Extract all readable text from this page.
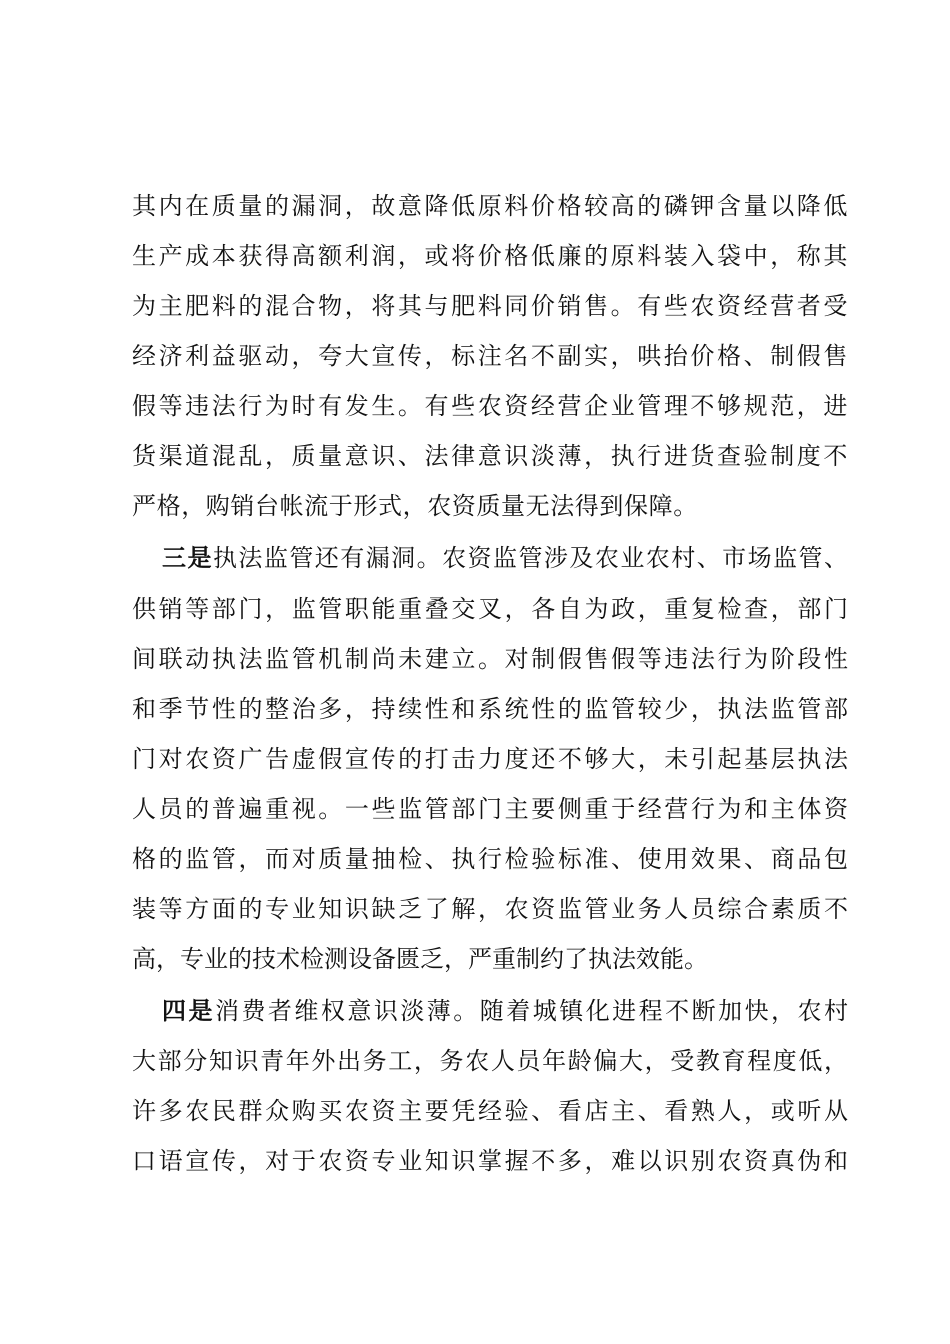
其内在质量的漏洞，故意降低原料价格较高的磷钾含量以降低
生产成本获得高额利润，或将价格低廉的原料装入袋中，称其
为主肥料的混合物，将其与肥料同价销售。有些农资经营者受
经济利益驱动，夸大宣传，标注名不副实，哄抬价格、制假售
假等违法行为时有发生。有些农资经营企业管理不够规范，进
货渠道混乱，质量意识、法律意识淡薄，执行进货查验制度不
严格，购销台帐流于形式，农资质量无法得到保障。
三是执法监管还有漏洞。农资监管涉及农业农村、市场监管、
供销等部门，监管职能重叠交叉，各自为政，重复检查，部门
间联动执法监管机制尚未建立。对制假售假等违法行为阶段性
和季节性的整治多，持续性和系统性的监管较少，执法监管部
门对农资广告虚假宣传的打击力度还不够大，未引起基层执法
人员的普遍重视。一些监管部门主要侧重于经营行为和主体资
格的监管，而对质量抽检、执行检验标准、使用效果、商品包
装等方面的专业知识缺乏了解，农资监管业务人员综合素质不
高，专业的技术检测设备匮乏，严重制约了执法效能。
四是消费者维权意识淡薄。随着城镇化进程不断加快，农村
大部分知识青年外出务工，务农人员年龄偏大，受教育程度低，
许多农民群众购买农资主要凭经验、看店主、看熟人，或听从
口语宣传，对于农资专业知识掌握不多，难以识别农资真伪和
